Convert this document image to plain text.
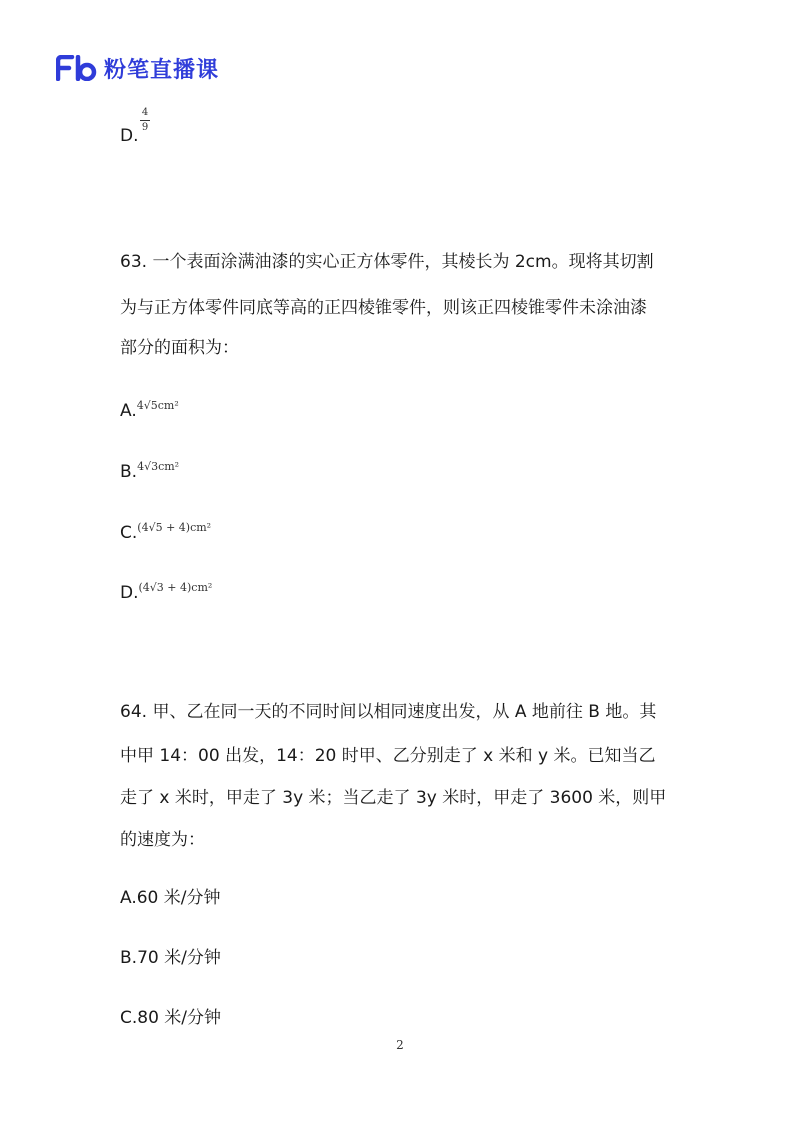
粉笔直播课
D.
4
9
63. 一个表面涂满油漆的实心正方体零件，其棱长为 2cm。现将其切割
为与正方体零件同底等高的正四棱锥零件，则该正四棱锥零件未涂油漆
部分的面积为：
A.$^{4√5cm^2}$
B.$^{4√3cm^2}$
C.$^{(4√5 + 4)cm^2}$
D.$^{(4√3 + 4)cm^2}$
64. 甲、乙在同一天的不同时间以相同速度出发，从 A 地前往 B 地。其
中甲 14：00 出发，14：20 时甲、乙分别走了 x 米和 y 米。已知当乙
走了 x 米时，甲走了 3y 米；当乙走了 3y 米时，甲走了 3600 米，则甲
的速度为：
A.60 米/分钟
B.70 米/分钟
C.80 米/分钟
2
